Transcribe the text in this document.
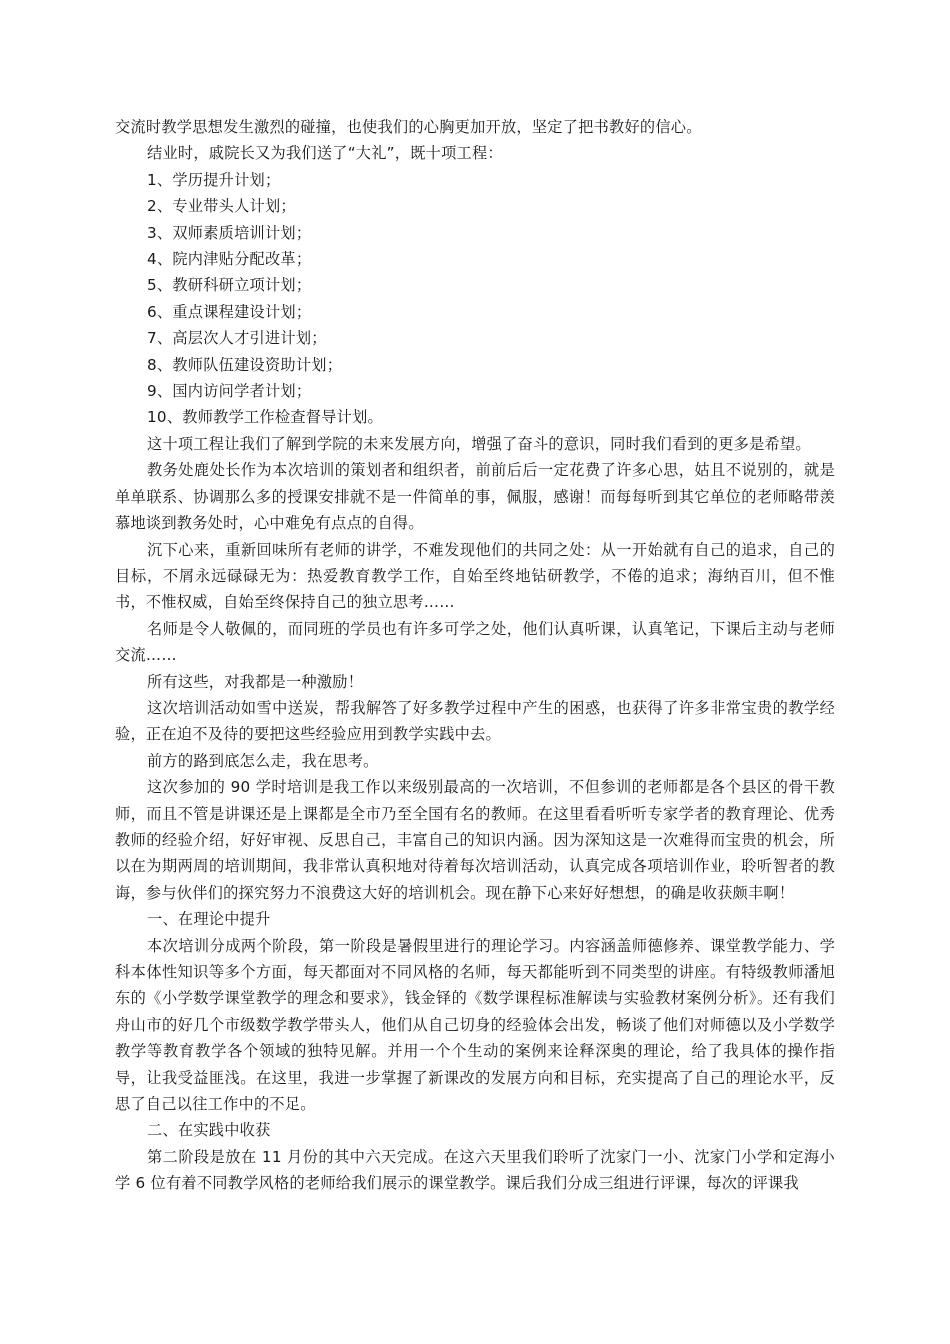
交流时教学思想发生激烈的碰撞，也使我们的心胸更加开放，坚定了把书教好的信心。

结业时，戚院长又为我们送了“大礼”，既十项工程：

1、学历提升计划；

2、专业带头人计划；

3、双师素质培训计划；

4、院内津贴分配改革；

5、教研科研立项计划；

6、重点课程建设计划；

7、高层次人才引进计划；

8、教师队伍建设资助计划；

9、国内访问学者计划；

10、教师教学工作检查督导计划。

这十项工程让我们了解到学院的未来发展方向，增强了奋斗的意识，同时我们看到的更多是希望。

教务处鹿处长作为本次培训的策划者和组织者，前前后后一定花费了许多心思，姑且不说别的，就是单单联系、协调那么多的授课安排就不是一件简单的事，佩服，感谢！而每每听到其它单位的老师略带羡慕地谈到教务处时，心中难免有点点的自得。

沉下心来，重新回味所有老师的讲学，不难发现他们的共同之处：从一开始就有自己的追求，自己的目标，不屑永远碌碌无为：热爱教育教学工作，自始至终地钻研教学，不倦的追求；海纳百川，但不惟书，不惟权威，自始至终保持自己的独立思考……

名师是令人敬佩的，而同班的学员也有许多可学之处，他们认真听课，认真笔记，下课后主动与老师交流……

所有这些，对我都是一种激励！

这次培训活动如雪中送炭，帮我解答了好多教学过程中产生的困惑，也获得了许多非常宝贵的教学经验，正在迫不及待的要把这些经验应用到教学实践中去。

前方的路到底怎么走，我在思考。

这次参加的 90 学时培训是我工作以来级别最高的一次培训，不但参训的老师都是各个县区的骨干教师，而且不管是讲课还是上课都是全市乃至全国有名的教师。在这里看看听听专家学者的教育理论、优秀教师的经验介绍，好好审视、反思自己，丰富自己的知识内涵。因为深知这是一次难得而宝贵的机会，所以在为期两周的培训期间，我非常认真积地对待着每次培训活动，认真完成各项培训作业，聆听智者的教诲，参与伙伴们的探究努力不浪费这大好的培训机会。现在静下心来好好想想，的确是收获颇丰啊！

一、在理论中提升

本次培训分成两个阶段，第一阶段是暑假里进行的理论学习。内容涵盖师德修养、课堂教学能力、学科本体性知识等多个方面，每天都面对不同风格的名师，每天都能听到不同类型的讲座。有特级教师潘旭东的《小学数学课堂教学的理念和要求》，钱金铎的《数学课程标准解读与实验教材案例分析》。还有我们舟山市的好几个市级数学教学带头人，他们从自己切身的经验体会出发，畅谈了他们对师德以及小学数学教学等教育教学各个领域的独特见解。并用一个个生动的案例来诠释深奥的理论，给了我具体的操作指导，让我受益匪浅。在这里，我进一步掌握了新课改的发展方向和目标，充实提高了自己的理论水平，反思了自己以往工作中的不足。

二、在实践中收获

第二阶段是放在 11 月份的其中六天完成。在这六天里我们聆听了沈家门一小、沈家门小学和定海小学 6 位有着不同教学风格的老师给我们展示的课堂教学。课后我们分成三组进行评课，每次的评课我
